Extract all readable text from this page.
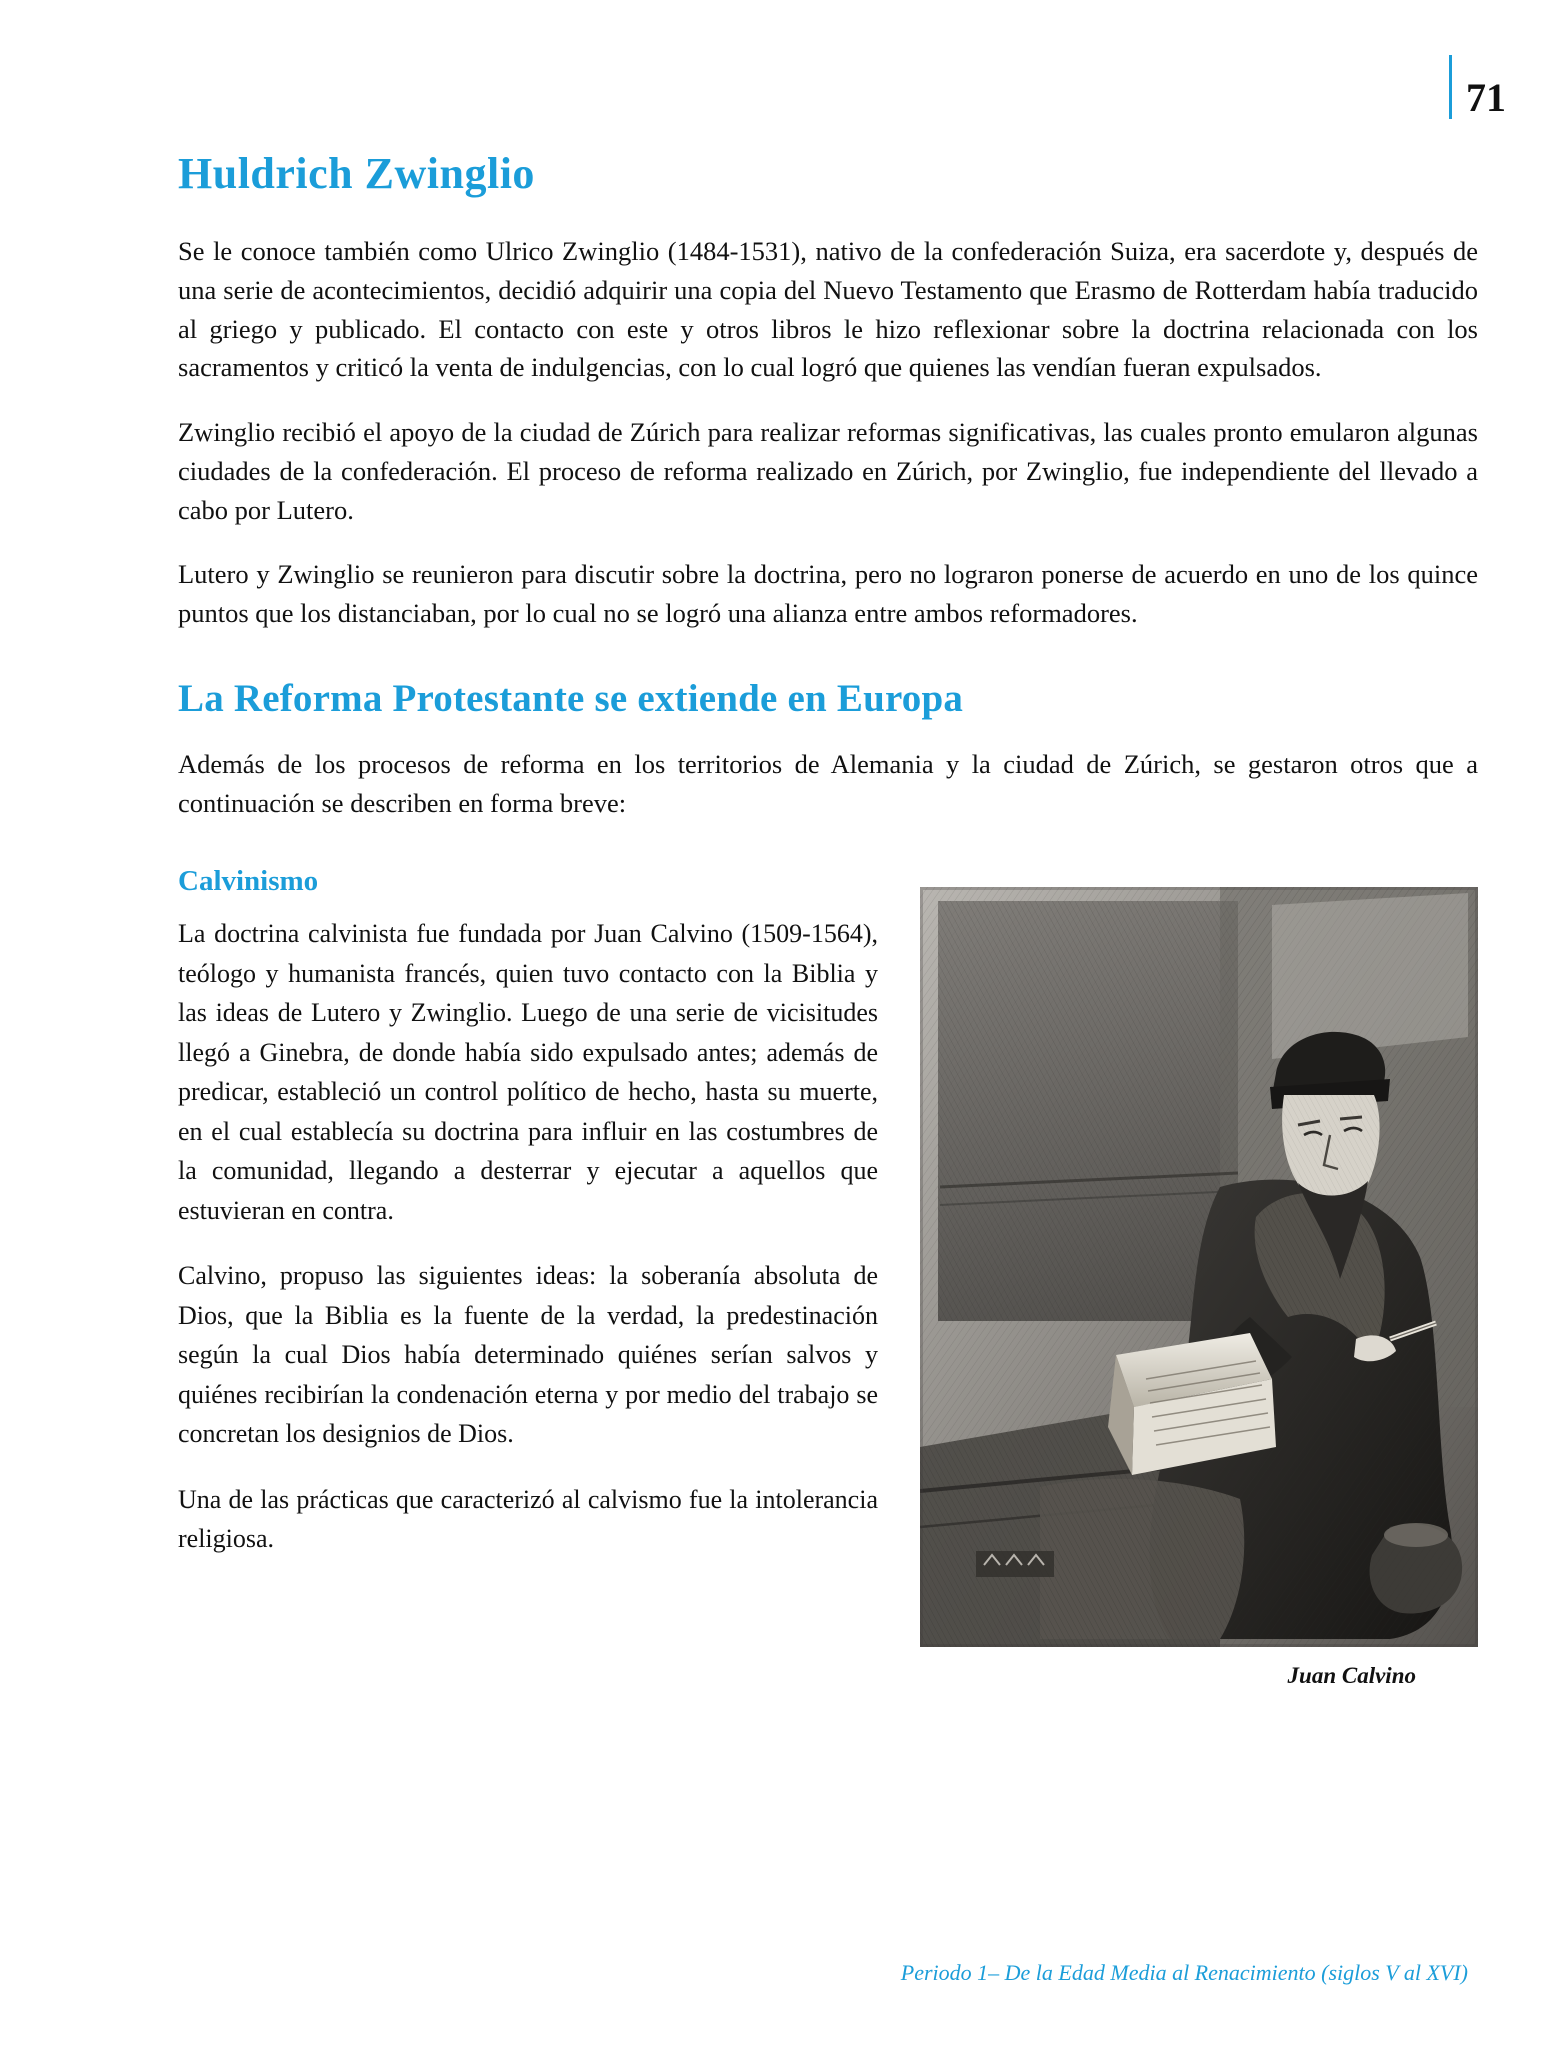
71
Huldrich Zwinglio

Se le conoce también como Ulrico Zwinglio (1484-1531), nativo de la confederación Suiza, era sacerdote y, después de una serie de acontecimientos, decidió adquirir una copia del Nuevo Testamento que Erasmo de Rotterdam había traducido al griego y publicado. El contacto con este y otros libros le hizo reflexionar sobre la doctrina relacionada con los sacramentos y criticó la venta de indulgencias, con lo cual logró que quienes las vendían fueran expulsados.

Zwinglio recibió el apoyo de la ciudad de Zúrich para realizar reformas significativas, las cuales pronto emularon algunas ciudades de la confederación. El proceso de reforma realizado en Zúrich, por Zwinglio, fue independiente del llevado a cabo por Lutero.

Lutero y Zwinglio se reunieron para discutir sobre la doctrina, pero no lograron ponerse de acuerdo en uno de los quince puntos que los distanciaban, por lo cual no se logró una alianza entre ambos reformadores.

La Reforma Protestante se extiende en Europa

Además de los procesos de reforma en los territorios de Alemania y la ciudad de Zúrich, se gestaron otros que a continuación se describen en forma breve:

Juan Calvino
Calvinismo

La doctrina calvinista fue fundada por Juan Calvino (1509-1564), teólogo y humanista francés, quien tuvo contacto con la Biblia y las ideas de Lutero y Zwinglio. Luego de una serie de vicisitudes llegó a Ginebra, de donde había sido expulsado antes; además de predicar, estableció un control político de hecho, hasta su muerte, en el cual establecía su doctrina para influir en las costumbres de la comunidad, llegando a desterrar y ejecutar a aquellos que estuvieran en contra.

Calvino, propuso las siguientes ideas: la soberanía absoluta de Dios, que la Biblia es la fuente de la verdad, la predestinación según la cual Dios había determinado quiénes serían salvos y quiénes recibirían la condenación eterna y por medio del trabajo se concretan los designios de Dios.

Una de las prácticas que caracterizó al calvismo fue la intolerancia religiosa.

Periodo 1– De la Edad Media al Renacimiento (siglos V al XVI)
